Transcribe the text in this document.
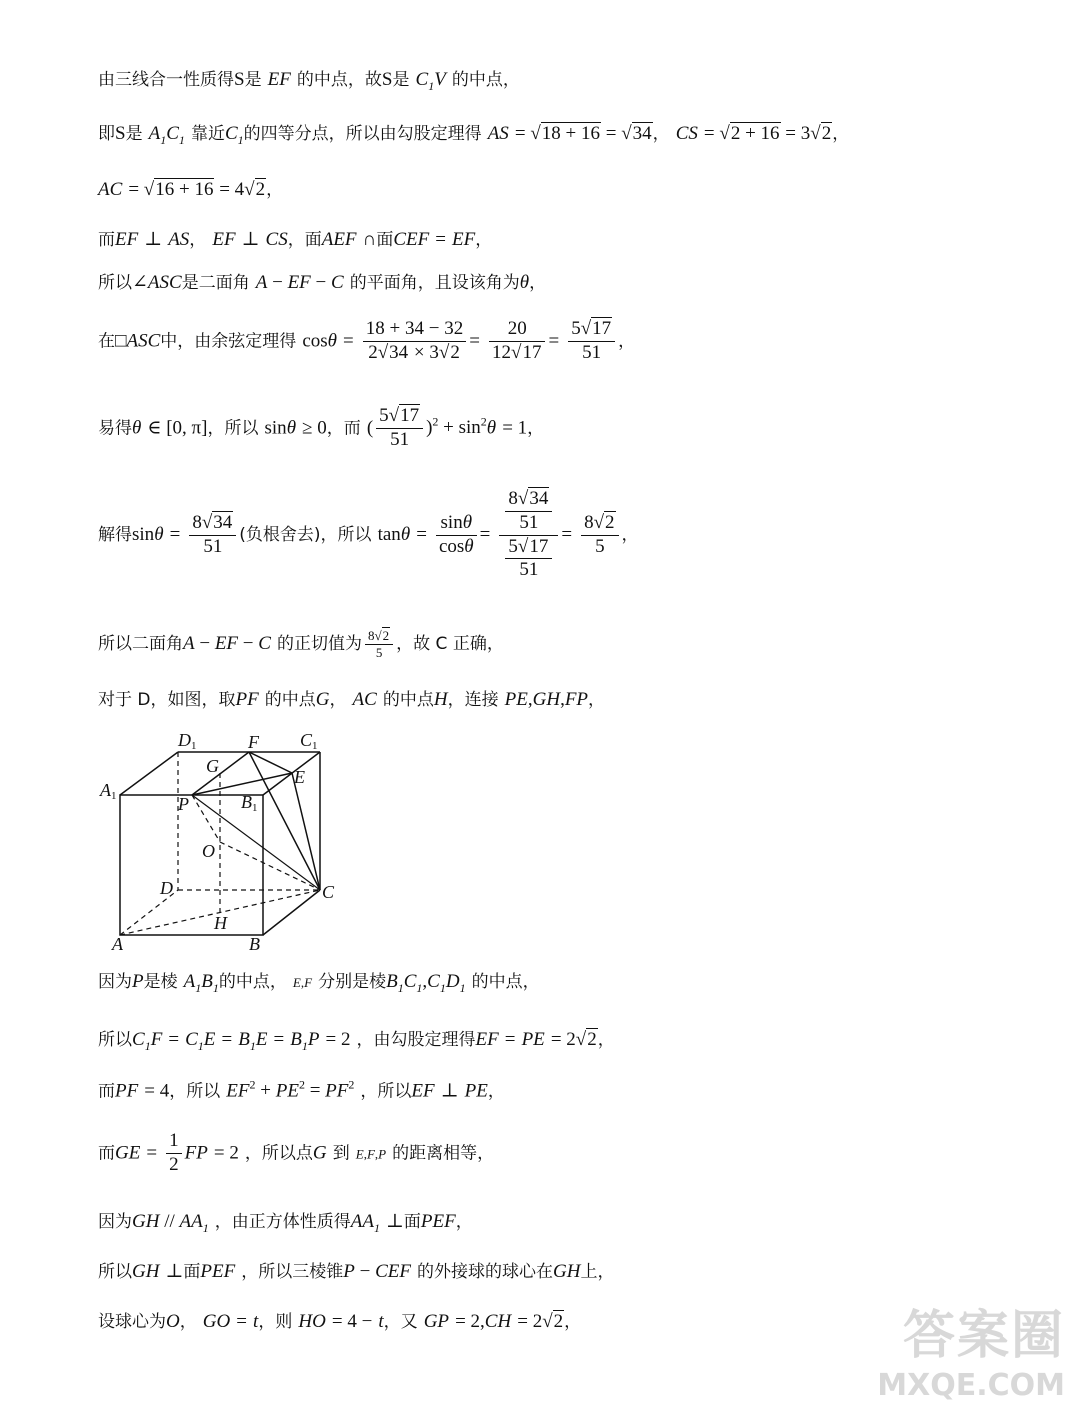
由三线合一性质得S是 EF 的中点，故S是 $C_1V$ 的中点，
即S是 $A_1C_1$ 靠近$C_1$的四等分点，所以由勾股定理得 AS = √18 + 16 = √34， CS = √2 + 16 = 3√2，
AC = √16 + 16 = 4√2，
而EF ⊥ AS， EF ⊥ CS，面AEF ∩面CEF = EF，
所以∠ASC是二面角 A − EF − C 的平面角，且设该角为θ，
在□ASC中，由余弦定理得 $\cos\theta = \frac{18 + 34 - 32}{2√34 \times 3√2} = \frac{20}{12√17} = \frac{5√17}{51}$ ，
易得θ ∈ [0, π]，所以 sinθ ≥ 0，而 ( $\frac{5√17}{51} )^2 + \sin^2\theta = 1$，
解得$\sin\theta = \frac{8√34}{51}$ (负根舍去)，所以 $\tan\theta = \frac{\sin\theta}{\cos\theta} = \frac{\frac{8√34}{51}}{\frac{5√17}{51}} = \frac{8√2}{5}$ ，
所以二面角A − EF − C 的正切值为 $\frac{8√2}{5}$ ，故 C 正确，
对于 D，如图，取PF 的中点G， AC 的中点H，连接 PE,GH,FP，
D1	F C1
G
E
A1	P	B1
O
D	C
H
A	B
因为P是棱 $A_1B_1$的中点， E,F 分别是棱$B_1C_1,C_1D_1$ 的中点，
所以$C_1F = C_1E = B_1E = B_1P = 2$ ，由勾股定理得EF = PE = 2√2，
而PF = 4，所以 $EF^2 + PE^2 = PF^2$ ，所以EF ⊥ PE，
而GE = $\frac{1}{2}$ FP = 2 ，所以点G 到 E,F,P 的距离相等，
因为GH // $AA_1$ ，由正方体性质得$AA_1$ ⊥面PEF，
所以GH ⊥面PEF ，所以三棱锥P − CEF 的外接球的球心在GH上，
设球心为O， GO = t，则 HO = 4 − t，又 GP = 2,CH = 2√2，	答案圈
MXQE.COM
